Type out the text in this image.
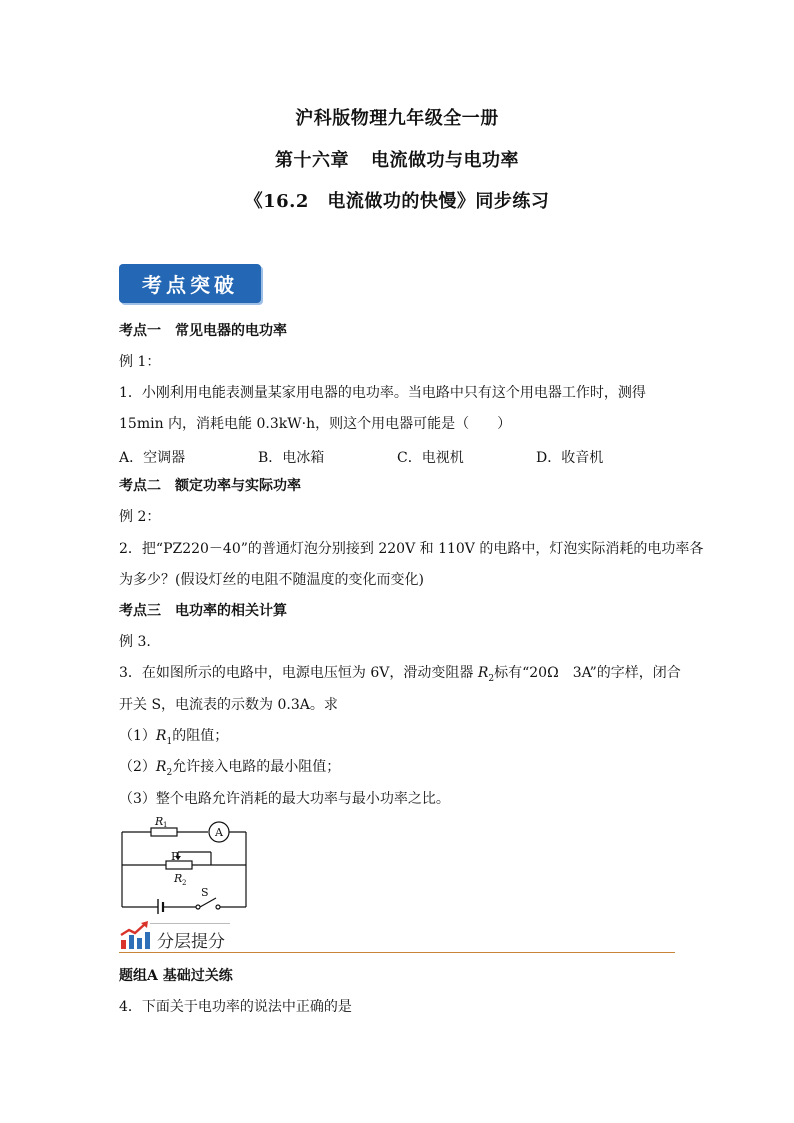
沪科版物理九年级全一册
第十六章 电流做功与电功率
《16.2　电流做功的快慢》同步练习
考点突破
考点一　常见电器的电功率
例 1：
1．小刚利用电能表测量某家用电器的电功率。当电路中只有这个用电器工作时，测得
15min 内，消耗电能 0.3kW·h，则这个用电器可能是（　　）
A．空调器	B．电冰箱	C．电视机	D．收音机
考点二　额定功率与实际功率
例 2：
2．把“PZ220－40”的普通灯泡分别接到 220V 和 110V 的电路中，灯泡实际消耗的电功率各
为多少？(假设灯丝的电阻不随温度的变化而变化)
考点三　电功率的相关计算
例 3.
3．在如图所示的电路中，电源电压恒为 6V，滑动变阻器 $R_2$标有“20Ω　3A”的字样，闭合
开关 S，电流表的示数为 0.3A。求
$(1)R_1$的阻值；
$(2)R_2$允许接入电路的最小阻值；
（3）整个电路允许消耗的最大功率与最小功率之比。
R 1
A
P
R 2
S
分层提分
题组A 基础过关练
4．下面关于电功率的说法中正确的是
